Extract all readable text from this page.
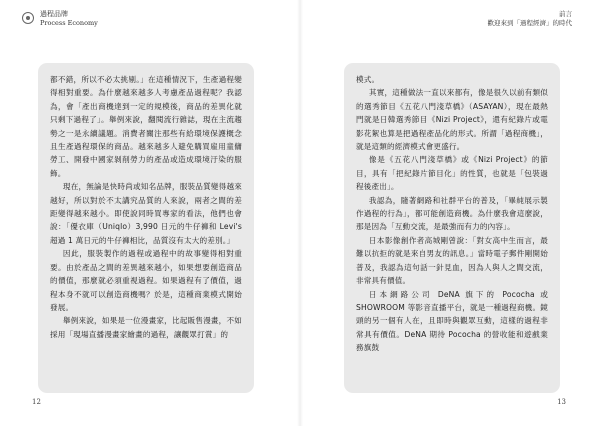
過程品牌
Process Economy

都不錯，所以不必太挑剔。」在這種情況下，生產過程變得相對重要。為什麼越來越多人考慮產品過程呢？我認為，會「產出商機達到一定的規模後，商品的差異化就只剩下過程了」。舉例來說，翻閱流行雜誌，現在主流趨勢之一是永續議題。消費者關注那些有給環境保護概念且生產過程環保的商品。越來越多人避免購買雇用童傭勞工、開發中國家剝削勞力的產品或造成環境汙染的服飾。

現在，無論是快時尚或知名品牌，服裝品質變得越來越好，所以對於不太講究品質的人來說，兩者之間的差距變得越來越小。即使說同時買專家的看法，他們也會說：「優衣庫（Uniqlo）3,990 日元的牛仔褲和 Levi's 超過 1 萬日元的牛仔褲相比，品質沒有太大的差別。」

因此，服裝製作的過程或過程中的故事變得相對重要。由於產品之間的差異越來越小，如果想要創造商品的價值，那麼就必須重視過程。如果過程有了價值，過程本身不就可以創造商機嗎？於是，這種商業模式開始發展。

舉例來說，如果是一位漫畫家，比起販售漫畫，不如採用「現場直播漫畫家繪畫的過程，讓觀眾打賞」的

12
前言
歡迎來到「過程經濟」的時代

模式。

其實，這種做法一直以來都有，像是很久以前有類似的選秀節目《五花八門淺草橋》（ASAYAN），現在最熱門就是日韓選秀節目《Nizi Project》，還有紀錄片或電影花絮也算是把過程產品化的形式。所謂「過程商機」，就是這類的經濟模式會更盛行。

像是《五花八門淺草橋》或《Nizi Project》的節目，具有「把紀錄片節目化」的性質，也就是「包裝過程後產出」。

我認為，隨著網路和社群平台的普及，「畢純展示製作過程的行為」，都可能創造商機。為什麼我會這麼說，那是因為「互動交流，是最強而有力的內容」。

日本影像創作者高城剛曾說：「對女高中生而言，最難以抗拒的就是來自男友的訊息。」當時電子郵件剛開始普及，我認為這句話一針見血，因為人與人之間交流，非常具有價值。

日本網路公司 DeNA 旗下的 Pococha 或 SHOWROOM 等影音直播平台，就是一種過程商機。鏡頭的另一個有人在，且即時與觀眾互動，這樣的過程非常具有價值。DeNA 期待 Pococha 的營收能和遊戲業務旗鼓

13
